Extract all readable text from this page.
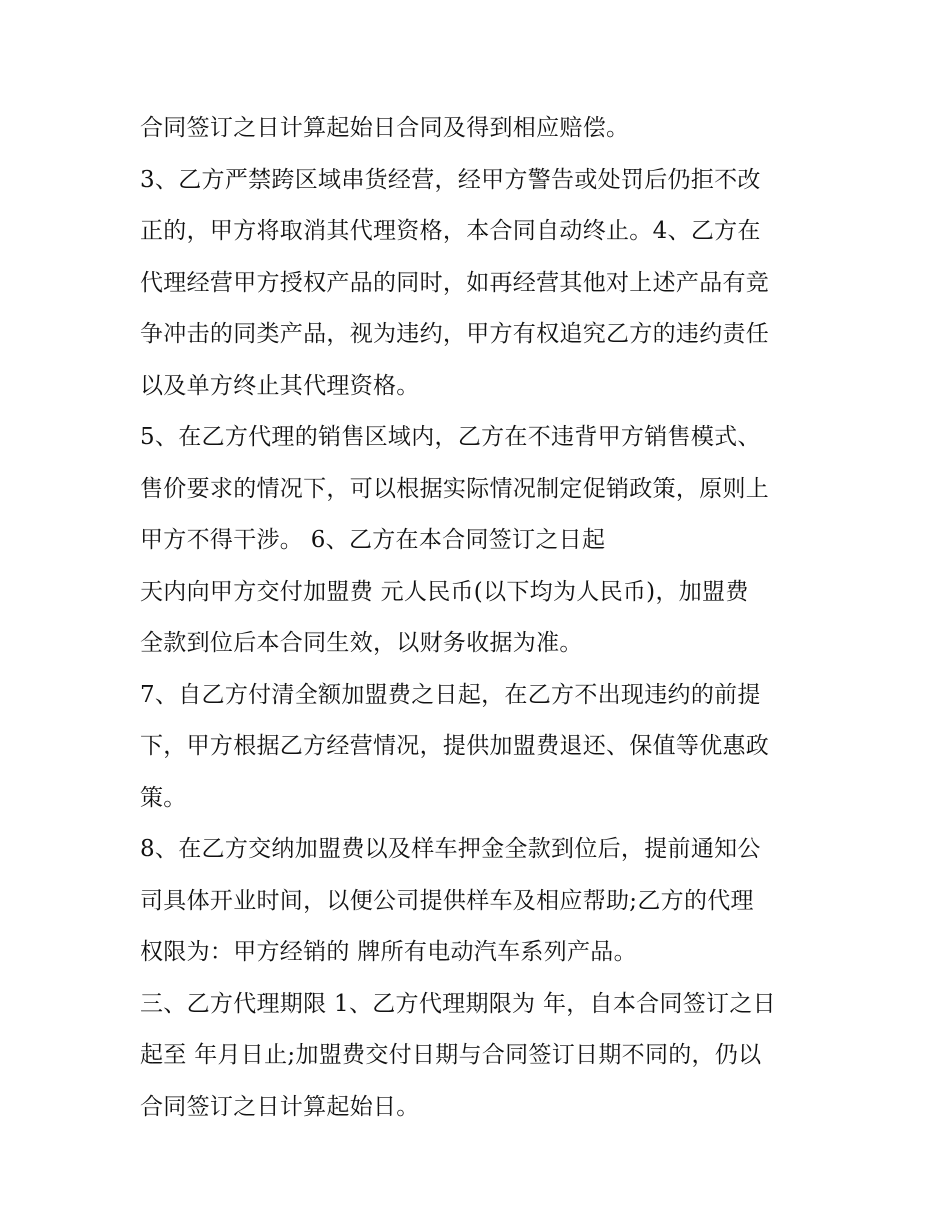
合同签订之日计算起始日合同及得到相应赔偿。
3、乙方严禁跨区域串货经营，经甲方警告或处罚后仍拒不改
正的，甲方将取消其代理资格，本合同自动终止。4、乙方在
代理经营甲方授权产品的同时，如再经营其他对上述产品有竞
争冲击的同类产品，视为违约，甲方有权追究乙方的违约责任
以及单方终止其代理资格。
5、在乙方代理的销售区域内，乙方在不违背甲方销售模式、
售价要求的情况下，可以根据实际情况制定促销政策，原则上
甲方不得干涉。 6、乙方在本合同签订之日起
天内向甲方交付加盟费 元人民币(以下均为人民币)，加盟费
全款到位后本合同生效，以财务收据为准。
7、自乙方付清全额加盟费之日起，在乙方不出现违约的前提
下，甲方根据乙方经营情况，提供加盟费退还、保值等优惠政
策。
8、在乙方交纳加盟费以及样车押金全款到位后，提前通知公
司具体开业时间，以便公司提供样车及相应帮助;乙方的代理
权限为：甲方经销的 牌所有电动汽车系列产品。
三、乙方代理期限 1、乙方代理期限为 年，自本合同签订之日
起至 年月日止;加盟费交付日期与合同签订日期不同的，仍以
合同签订之日计算起始日。
